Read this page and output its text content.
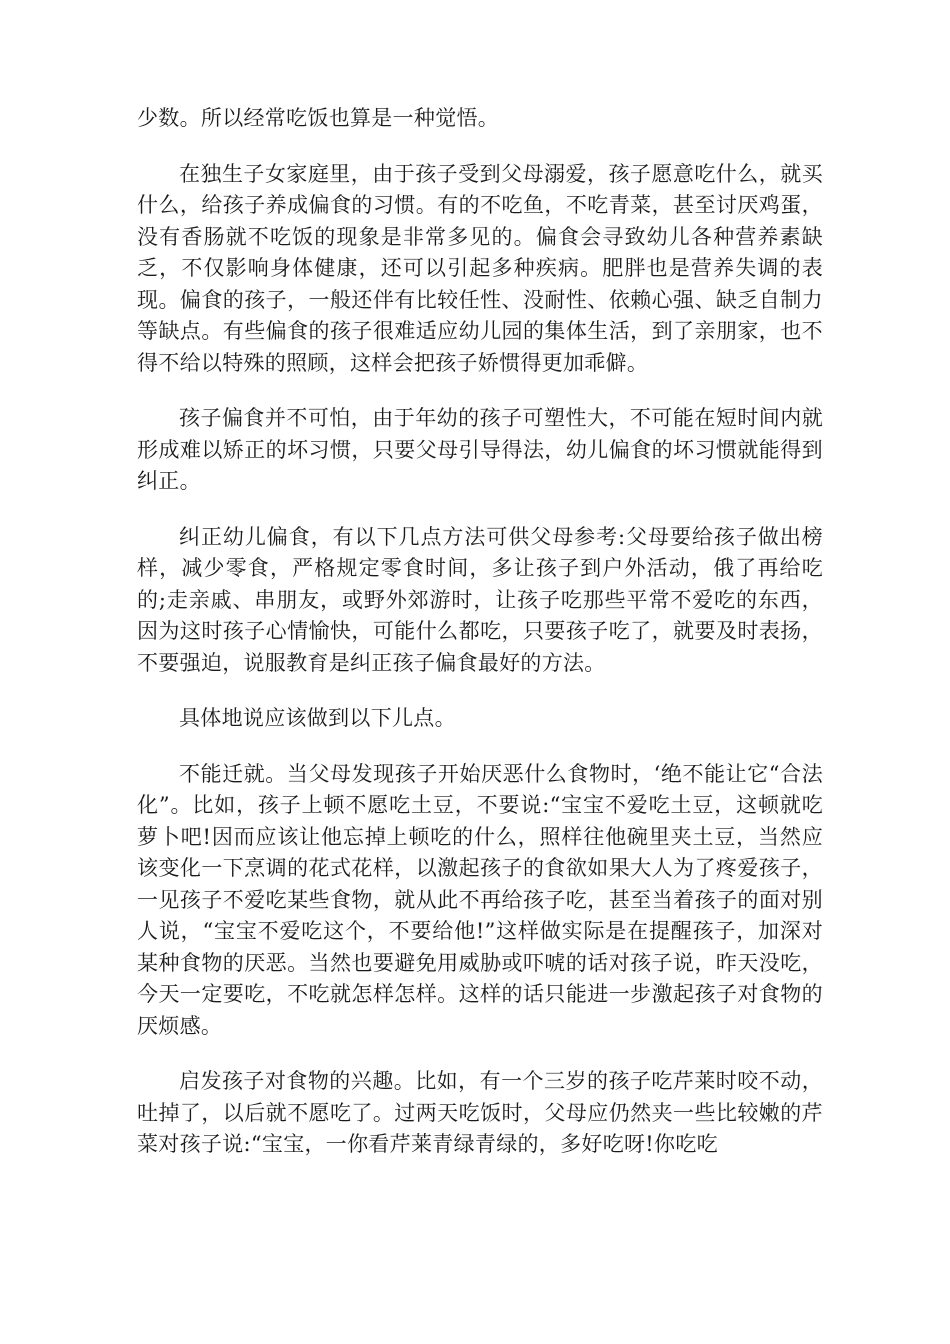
少数。所以经常吃饭也算是一种觉悟。

在独生子女家庭里，由于孩子受到父母溺爱，孩子愿意吃什么，就买什么，给孩子养成偏食的习惯。有的不吃鱼，不吃青菜，甚至讨厌鸡蛋，没有香肠就不吃饭的现象是非常多见的。偏食会寻致幼儿各种营养素缺乏，不仅影响身体健康，还可以引起多种疾病。肥胖也是营养失调的表现。偏食的孩子，一般还伴有比较任性、没耐性、依赖心强、缺乏自制力等缺点。有些偏食的孩子很难适应幼儿园的集体生活，到了亲朋家，也不得不给以特殊的照顾，这样会把孩子娇惯得更加乖僻。

孩子偏食并不可怕，由于年幼的孩子可塑性大，不可能在短时间内就形成难以矫正的坏习惯，只要父母引导得法，幼儿偏食的坏习惯就能得到纠正。

纠正幼儿偏食，有以下几点方法可供父母参考:父母要给孩子做出榜样，减少零食，严格规定零食时间，多让孩子到户外活动，俄了再给吃的;走亲戚、串朋友，或野外郊游时，让孩子吃那些平常不爱吃的东西，因为这时孩子心情愉快，可能什么都吃，只要孩子吃了，就要及时表扬，不要强迫，说服教育是纠正孩子偏食最好的方法。

具体地说应该做到以下儿点。

不能迁就。当父母发现孩子开始厌恶什么食物时，‘绝不能让它“合法化”。比如，孩子上顿不愿吃土豆，不要说:“宝宝不爱吃土豆，这顿就吃萝卜吧!因而应该让他忘掉上顿吃的什么，照样往他碗里夹土豆，当然应该变化一下烹调的花式花样，以激起孩子的食欲如果大人为了疼爱孩子，一见孩子不爱吃某些食物，就从此不再给孩子吃，甚至当着孩子的面对别人说，“宝宝不爱吃这个，不要给他!”这样做实际是在提醒孩子，加深对某种食物的厌恶。当然也要避免用威胁或吓唬的话对孩子说，昨天没吃，今天一定要吃，不吃就怎样怎样。这样的话只能进一步激起孩子对食物的厌烦感。

启发孩子对食物的兴趣。比如，有一个三岁的孩子吃芹莱时咬不动，吐掉了，以后就不愿吃了。过两天吃饭时，父母应仍然夹一些比较嫩的芹菜对孩子说:“宝宝，一你看芹莱青绿青绿的，多好吃呀!你吃吃
